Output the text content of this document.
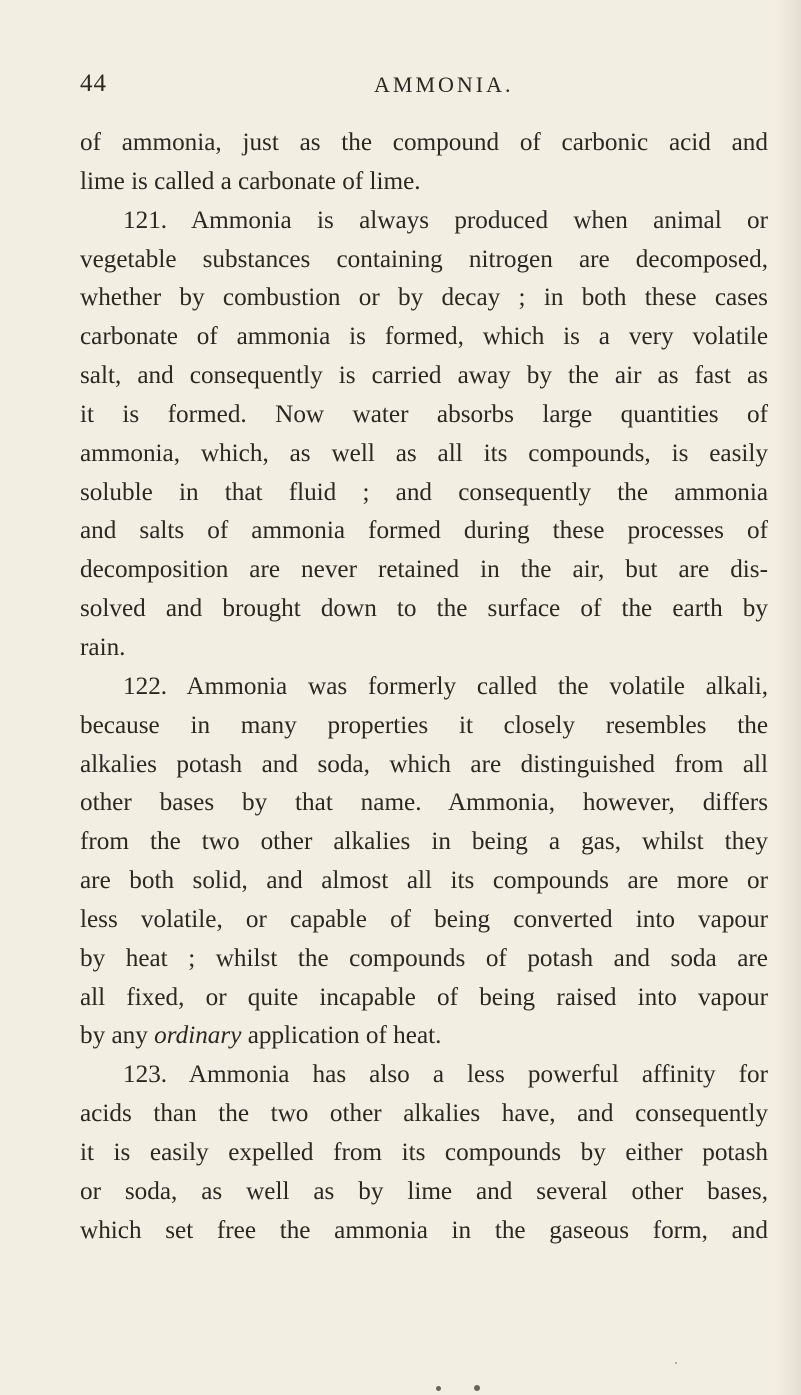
44	AMMONIA.
of ammonia, just as the compound of carbonic acid and
lime is called a carbonate of lime.
121. Ammonia is always produced when animal or
vegetable substances containing nitrogen are decomposed,
whether by combustion or by decay ; in both these cases
carbonate of ammonia is formed, which is a very volatile
salt, and consequently is carried away by the air as fast as
it is formed. Now water absorbs large quantities of
ammonia, which, as well as all its compounds, is easily
soluble in that fluid ; and consequently the ammonia
and salts of ammonia formed during these processes of
decomposition are never retained in the air, but are dis-
solved and brought down to the surface of the earth by
rain.
122. Ammonia was formerly called the volatile alkali,
because in many properties it closely resembles the
alkalies potash and soda, which are distinguished from all
other bases by that name. Ammonia, however, differs
from the two other alkalies in being a gas, whilst they
are both solid, and almost all its compounds are more or
less volatile, or capable of being converted into vapour
by heat ; whilst the compounds of potash and soda are
all fixed, or quite incapable of being raised into vapour
by any ordinary application of heat.
123. Ammonia has also a less powerful affinity for
acids than the two other alkalies have, and consequently
it is easily expelled from its compounds by either potash
or soda, as well as by lime and several other bases,
which set free the ammonia in the gaseous form, and
